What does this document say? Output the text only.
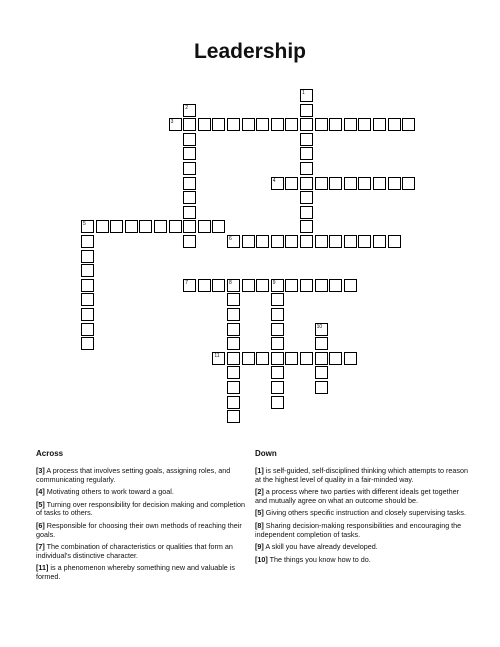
Leadership
1
2
3
4
5
6
7	8	9
10
11
Across	Down

[3] A process that involves setting goals, assigning roles, and communicating regularly.

[4] Motivating others to work toward a goal.

[5] Turning over responsibility for decision making and completion of tasks to others.

[6] Responsible for choosing their own methods of reaching their goals.

[7] The combination of characteristics or qualities that form an individual's distinctive character.

[11] is a phenomenon whereby something new and valuable is formed.

[1] is self-guided, self-disciplined thinking which attempts to reason at the highest level of quality in a fair-minded way.

[2] a process where two parties with different ideals get together and mutually agree on what an outcome should be.

[5] Giving others specific instruction and closely supervising tasks.

[8] Sharing decision-making responsibilities and encouraging the independent completion of tasks.

[9] A skill you have already developed.

[10] The things you know how to do.
